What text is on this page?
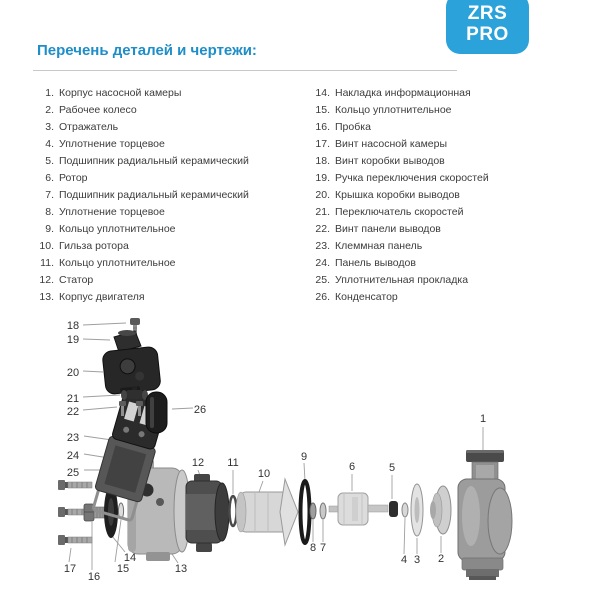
ZRS
PRO
Перечень деталей и чертежи:
1. Корпус насосной камеры
2. Рабочее колесо
3. Отражатель
4. Уплотнение торцевое
5. Подшипник радиальный керамический
6. Ротор
7. Подшипник радиальный керамический
8. Уплотнение торцевое
9. Кольцо уплотнительное
10. Гильза ротора
11. Кольцо уплотнительное
12. Статор
13. Корпус двигателя
14. Накладка информационная
15. Кольцо уплотнительное
16. Пробка
17. Винт насосной камеры
18. Винт коробки выводов
19. Ручка переключения скоростей
20. Крышка коробки выводов
21. Переключатель скоростей
22. Винт панели выводов
23. Клеммная панель
24. Панель выводов
25. Уплотнительная прокладка
26. Конденсатор
1
2
3
4
5
6
7
8
9
10
11
12
13
14
15
16
17
18
19
20
21
22
23
24
25
26
